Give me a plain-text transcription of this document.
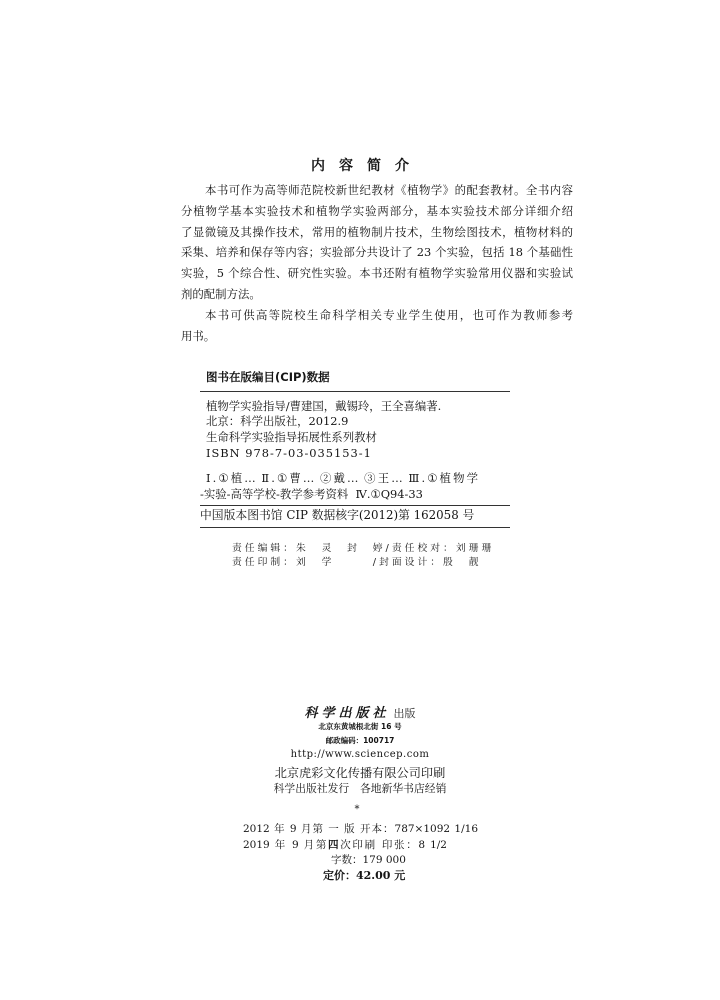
内容简介
本书可作为高等师范院校新世纪教材《植物学》的配套教材。全书内容
分植物学基本实验技术和植物学实验两部分，基本实验技术部分详细介绍
了显微镜及其操作技术，常用的植物制片技术，生物绘图技术，植物材料的
采集、培养和保存等内容；实验部分共设计了 23 个实验，包括 18 个基础性
实验，5 个综合性、研究性实验。本书还附有植物学实验常用仪器和实验试
剂的配制方法。
本书可供高等院校生命科学相关专业学生使用，也可作为教师参考
用书。
图书在版编目(CIP)数据
植物学实验指导/曹建国，戴锡玲，王全喜编著.
北京：科学出版社，2012.9
生命科学实验指导拓展性系列教材
ISBN 978-7-03-035153-1
Ⅰ.①植… Ⅱ.①曹… ②戴… ③王… Ⅲ.①植物学
-实验-高等学校-教学参考资料  Ⅳ.①Q94-33
中国版本图书馆 CIP 数据核字(2012)第 162058 号
责任编辑：朱　灵　封　婷/责任校对：刘珊珊
责任印制：刘　学　　　/封面设计：殷　靓
科学出版社 出版
北京东黄城根北街 16 号
邮政编码：100717
http://www.sciencep.com
北京虎彩文化传播有限公司印刷
科学出版社发行　各地新华书店经销
*
2012 年 9 月第 一 版 开本：787×1092 1/16
2019 年 9 月第四次印刷 印张：8 1/2
字数：179 000
定价：42.00 元
